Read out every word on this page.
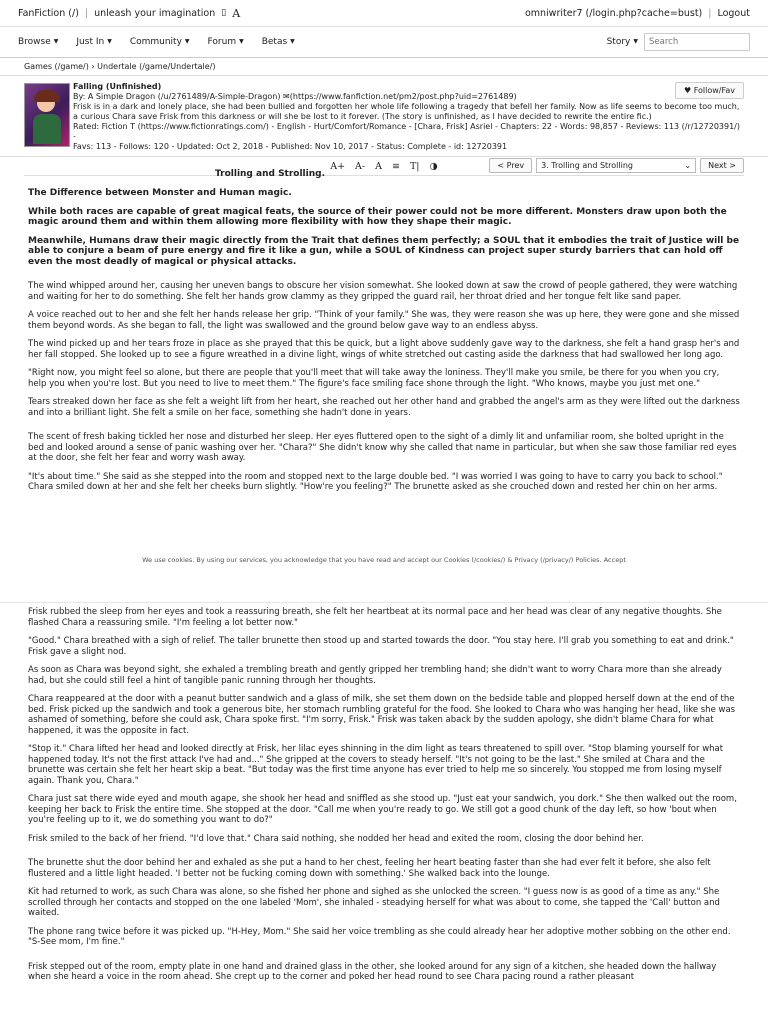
FanFiction (/) | unleash your imagination ▯ A	omniwriter7 (/login.php?cache=bust) | Logout
Browse ▼ Just In ▼ Community ▼ Forum ▼ Betas ▼	Story ▼
Search
Games (/game/) › Undertale (/game/Undertale/)
Falling (Unfinished)
By: A Simple Dragon (/u/2761489/A-Simple-Dragon) ✉(https://www.fanfiction.net/pm2/post.php?uid=2761489)
Frisk is in a dark and lonely place, she had been bullied and forgotten her whole life following a tragedy that befell her family. Now as life seems to become too much, a curious Chara save Frisk from this darkness or will she be lost to it forever. (The story is unfinished, as I have decided to rewrite the entire fic.)
Rated: Fiction T (https://www.fictionratings.com/) - English - Hurt/Comfort/Romance - [Chara, Frisk] Asriel - Chapters: 22 - Words: 98,857 - Reviews: 113 (/r/12720391/) -
Favs: 113 - Follows: 120 - Updated: Oct 2, 2018 - Published: Nov 10, 2017 - Status: Complete - id: 12720391
♥ Follow/Fav
A+ A- A ≡ T| ◑	< Prev	3. Trolling and Strolling	⌄	Next >
Trolling and Strolling.

The Difference between Monster and Human magic.

While both races are capable of great magical feats, the source of their power could not be more different. Monsters draw upon both the magic around them and within them allowing more flexibility with how they shape their magic.

Meanwhile, Humans draw their magic directly from the Trait that defines them perfectly; a SOUL that it embodies the trait of Justice will be able to conjure a beam of pure energy and fire it like a gun, while a SOUL of Kindness can project super sturdy barriers that can hold off even the most deadly of magical or physical attacks.

The wind whipped around her, causing her uneven bangs to obscure her vision somewhat. She looked down at saw the crowd of people gathered, they were watching and waiting for her to do something. She felt her hands grow clammy as they gripped the guard rail, her throat dried and her tongue felt like sand paper.

A voice reached out to her and she felt her hands release her grip. "Think of your family." She was, they were reason she was up here, they were gone and she missed them beyond words. As she began to fall, the light was swallowed and the ground below gave way to an endless abyss.

The wind picked up and her tears froze in place as she prayed that this be quick, but a light above suddenly gave way to the darkness, she felt a hand grasp her's and her fall stopped. She looked up to see a figure wreathed in a divine light, wings of white stretched out casting aside the darkness that had swallowed her long ago.

"Right now, you might feel so alone, but there are people that you'll meet that will take away the loniness. They'll make you smile, be there for you when you cry, help you when you're lost. But you need to live to meet them." The figure's face smiling face shone through the light. "Who knows, maybe you just met one."

Tears streaked down her face as she felt a weight lift from her heart, she reached out her other hand and grabbed the angel's arm as they were lifted out the darkness and into a brilliant light. She felt a smile on her face, something she hadn't done in years.

The scent of fresh baking tickled her nose and disturbed her sleep. Her eyes fluttered open to the sight of a dimly lit and unfamiliar room, she bolted upright in the bed and looked around a sense of panic washing over her. "Chara?" She didn't know why she called that name in particular, but when she saw those familiar red eyes at the door, she felt her fear and worry wash away.

"It's about time." She said as she stepped into the room and stopped next to the large double bed. "I was worried I was going to have to carry you back to school." Chara smiled down at her and she felt her cheeks burn slightly. "How're you feeling?" The brunette asked as she crouched down and rested her chin on her arms.

We use cookies. By using our services, you acknowledge that you have read and accept our Cookies (/cookies/) & Privacy (/privacy/) Policies. Accept

Frisk rubbed the sleep from her eyes and took a reassuring breath, she felt her heartbeat at its normal pace and her head was clear of any negative thoughts. She flashed Chara a reassuring smile. "I'm feeling a lot better now."

"Good." Chara breathed with a sigh of relief. The taller brunette then stood up and started towards the door. "You stay here. I'll grab you something to eat and drink." Frisk gave a slight nod.

As soon as Chara was beyond sight, she exhaled a trembling breath and gently gripped her trembling hand; she didn't want to worry Chara more than she already had, but she could still feel a hint of tangible panic running through her thoughts.

Chara reappeared at the door with a peanut butter sandwich and a glass of milk, she set them down on the bedside table and plopped herself down at the end of the bed. Frisk picked up the sandwich and took a generous bite, her stomach rumbling grateful for the food. She looked to Chara who was hanging her head, like she was ashamed of something, before she could ask, Chara spoke first. "I'm sorry, Frisk." Frisk was taken aback by the sudden apology, she didn't blame Chara for what happened, it was the opposite in fact.

"Stop it." Chara lifted her head and looked directly at Frisk, her lilac eyes shinning in the dim light as tears threatened to spill over. "Stop blaming yourself for what happened today. It's not the first attack I've had and..." She gripped at the covers to steady herself. "It's not going to be the last." She smiled at Chara and the brunette was certain she felt her heart skip a beat. "But today was the first time anyone has ever tried to help me so sincerely. You stopped me from losing myself again. Thank you, Chara."

Chara just sat there wide eyed and mouth agape, she shook her head and sniffled as she stood up. "Just eat your sandwich, you dork." She then walked out the room, keeping her back to Frisk the entire time. She stopped at the door. "Call me when you're ready to go. We still got a good chunk of the day left, so how 'bout when you're feeling up to it, we do something you want to do?"

Frisk smiled to the back of her friend. "I'd love that." Chara said nothing, she nodded her head and exited the room, closing the door behind her.

The brunette shut the door behind her and exhaled as she put a hand to her chest, feeling her heart beating faster than she had ever felt it before, she also felt flustered and a little light headed. 'I better not be fucking coming down with something.' She walked back into the lounge.

Kit had returned to work, as such Chara was alone, so she fished her phone and sighed as she unlocked the screen. "I guess now is as good of a time as any." She scrolled through her contacts and stopped on the one labeled 'Mom', she inhaled - steadying herself for what was about to come, she tapped the 'Call' button and waited.

The phone rang twice before it was picked up. "H-Hey, Mom." She said her voice trembling as she could already hear her adoptive mother sobbing on the other end. "S-See mom, I'm fine."

Frisk stepped out of the room, empty plate in one hand and drained glass in the other, she looked around for any sign of a kitchen, she headed down the hallway when she heard a voice in the room ahead. She crept up to the corner and poked her head round to see Chara pacing round a rather pleasant
